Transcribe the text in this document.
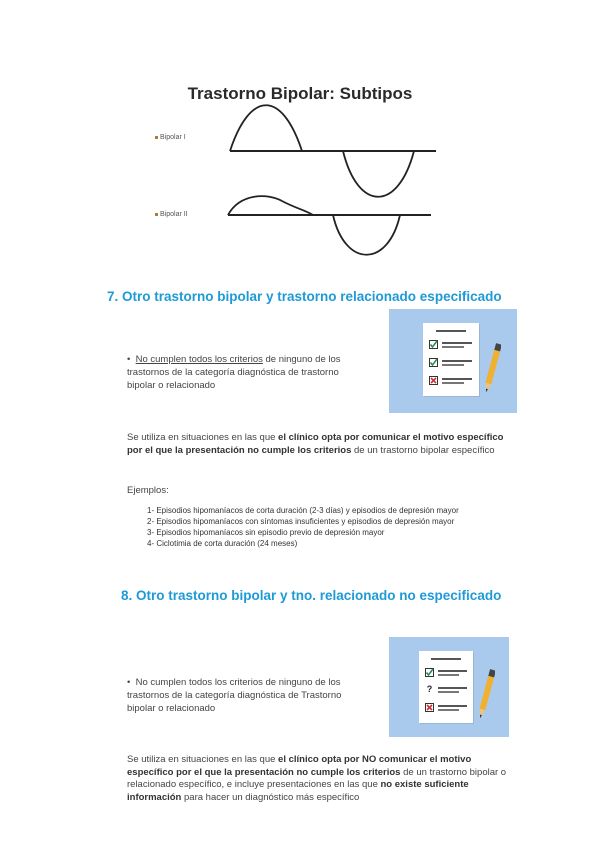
Trastorno Bipolar: Subtipos
Bipolar I
Bipolar II
7. Otro trastorno bipolar y trastorno relacionado especificado
•  No cumplen todos los criterios de ninguno de los trastornos de la categoría diagnóstica de trastorno bipolar o relacionado
Se utiliza en situaciones en las que el clínico opta por comunicar el motivo específico por el que la presentación no cumple los criterios de un trastorno bipolar específico
Ejemplos:
1- Episodios hipomaníacos de corta duración (2-3 días) y episodios de depresión mayor
2- Episodios hipomaníacos con síntomas insuficientes y episodios de depresión mayor
3- Episodios hipomaníacos sin episodio previo de depresión mayor
4- Ciclotimia de corta duración (24 meses)
8. Otro trastorno bipolar y tno. relacionado no especificado
•  No cumplen todos los criterios de ninguno de los trastornos de la categoría diagnóstica de Trastorno bipolar o relacionado
?
Se utiliza en situaciones en las que el clínico opta por NO comunicar el motivo específico por el que la presentación no cumple los criterios de un trastorno bipolar o relacionado específico, e incluye presentaciones en las que no existe suficiente información para hacer un diagnóstico más específico
